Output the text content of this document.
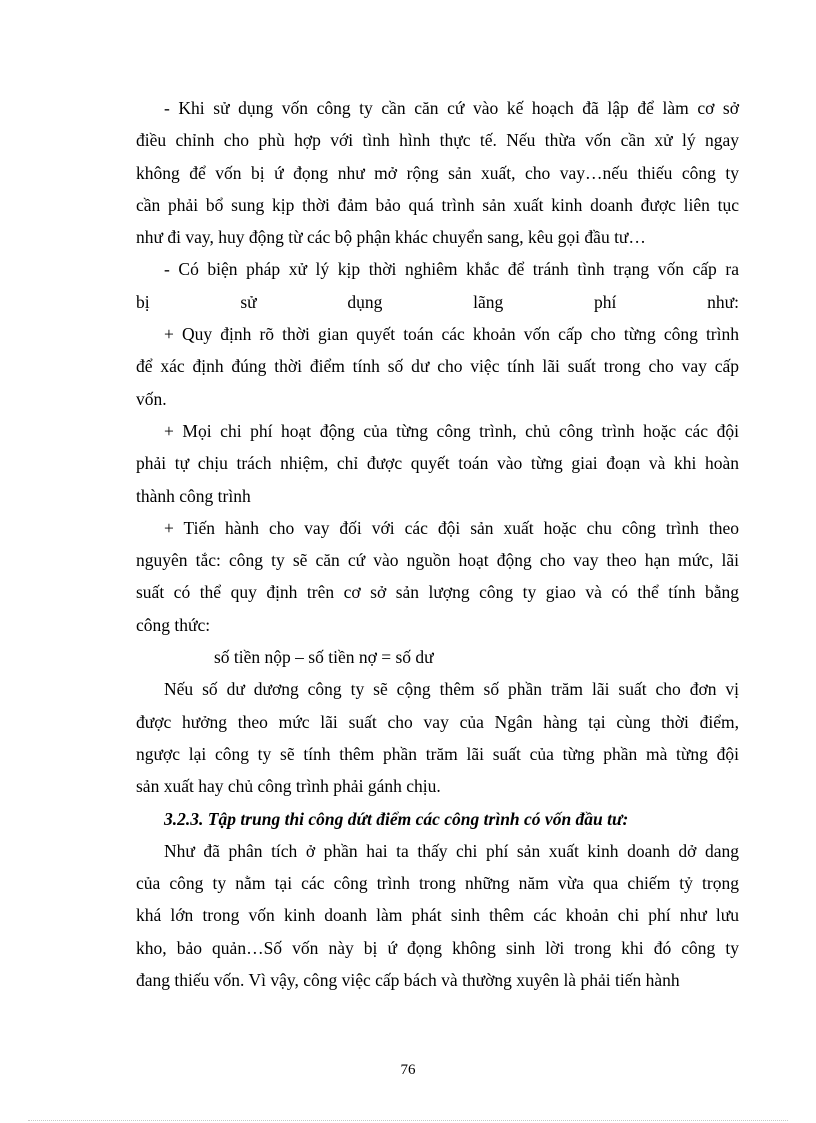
- Khi sử dụng vốn công ty cần căn cứ vào kế hoạch đã lập để làm cơ sở
điều chỉnh cho phù hợp với tình hình thực tế. Nếu thừa vốn cần xử lý ngay
không để vốn bị ứ đọng như mở rộng sản xuất, cho vay…nếu thiếu công ty
cần phải bổ sung kịp thời đảm bảo quá trình sản xuất kinh doanh được liên tục
như đi vay, huy động từ các bộ phận khác chuyển sang, kêu gọi đầu tư…
- Có biện pháp xử lý kịp thời nghiêm khắc để tránh tình trạng vốn cấp ra
bị sử dụng lãng phí như:
+ Quy định rõ thời gian quyết toán các khoản vốn cấp cho từng công trình
để xác định đúng thời điểm tính số dư cho việc tính lãi suất trong cho vay cấp
vốn.
+ Mọi chi phí hoạt động của từng công trình, chủ công trình hoặc các đội
phải tự chịu trách nhiệm, chỉ được quyết toán vào từng giai đoạn và khi hoàn
thành công trình
+ Tiến hành cho vay đối với các đội sản xuất hoặc chu công trình theo
nguyên tắc: công ty sẽ căn cứ vào nguồn hoạt động cho vay theo hạn mức, lãi
suất có thể quy định trên cơ sở sản lượng công ty giao và có thể tính bằng
công thức:
số tiền nộp – số tiền nợ = số dư
Nếu số dư dương công ty sẽ cộng thêm số phần trăm lãi suất cho đơn vị
được hưởng theo mức lãi suất cho vay của Ngân hàng tại cùng thời điểm,
ngược lại công ty sẽ tính thêm phần trăm lãi suất của từng phần mà từng đội
sản xuất hay chủ công trình phải gánh chịu.
3.2.3. Tập trung thi công dứt điểm các công trình có vốn đầu tư:
Như đã phân tích ở phần hai ta thấy chi phí sản xuất kinh doanh dở dang
của công ty nằm tại các công trình trong những năm vừa qua chiếm tỷ trọng
khá lớn trong vốn kinh doanh làm phát sinh thêm các khoản chi phí như lưu
kho, bảo quản…Số vốn này bị ứ đọng không sinh lời trong khi đó công ty
đang thiếu vốn. Vì vậy, công việc cấp bách và thường xuyên là phải tiến hành
76
